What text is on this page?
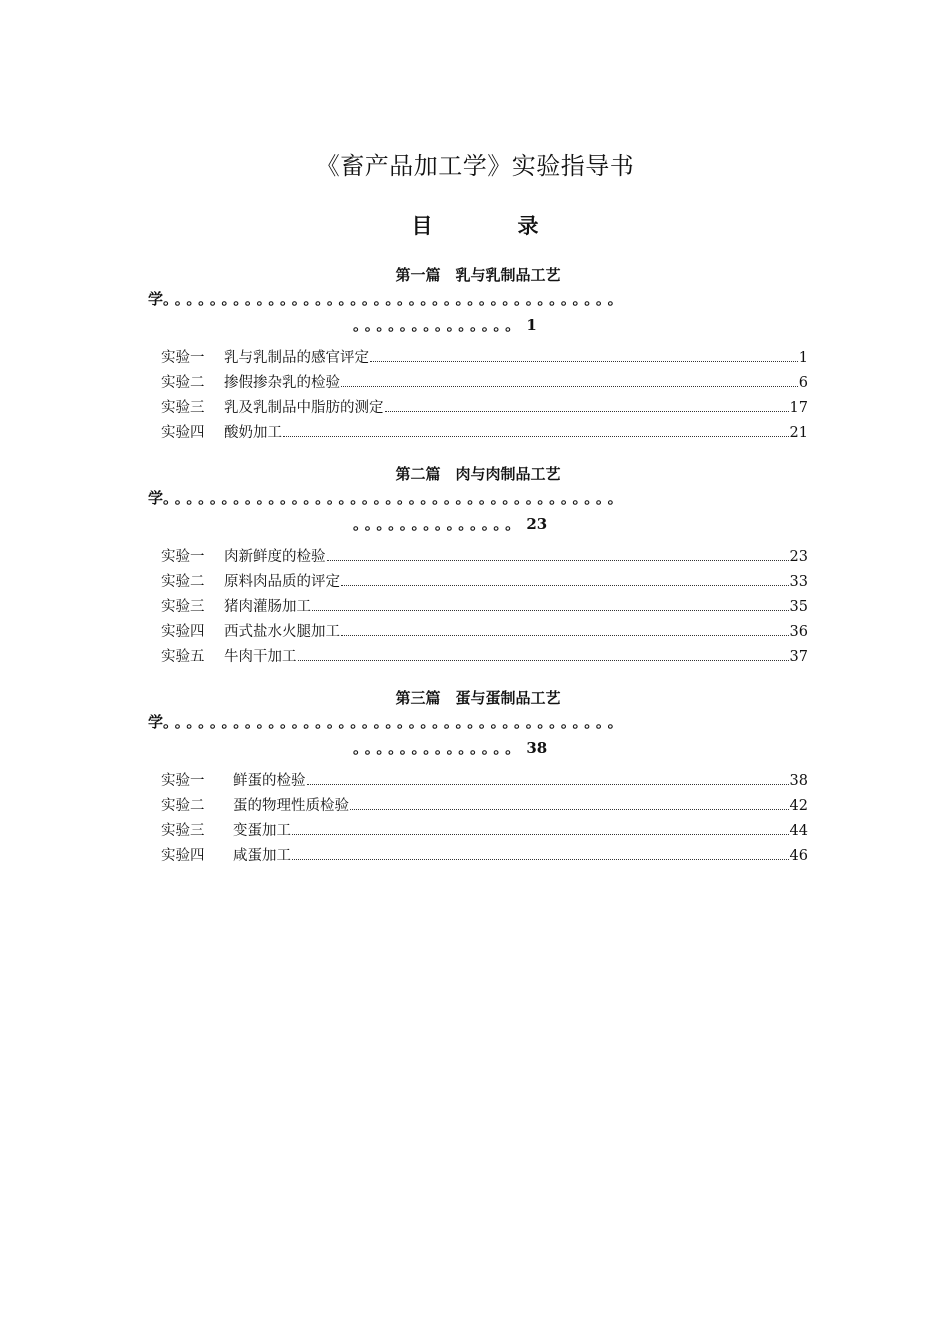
《畜产品加工学》实验指导书
目　录
第一篇　乳与乳制品工艺
学。。。。。。。。。。。。。。。。。。。。。。。。。。。。。。。。。。。。。。。
。。。。。。。。。。。。。。 1
实验一	乳与乳制品的感官评定	1
实验二	掺假掺杂乳的检验	6
实验三	乳及乳制品中脂肪的测定	17
实验四	酸奶加工	21
第二篇　肉与肉制品工艺
学。。。。。。。。。。。。。。。。。。。。。。。。。。。。。。。。。。。。。。。
。。。。。。。。。。。。。。 23
实验一	肉新鲜度的检验	23
实验二	原料肉品质的评定	33
实验三	猪肉灌肠加工	35
实验四	西式盐水火腿加工	36
实验五	牛肉干加工	37
第三篇　蛋与蛋制品工艺
学。。。。。。。。。。。。。。。。。。。。。。。。。。。。。。。。。。。。。。。
。。。。。。。。。。。。。。 38
实验一	鲜蛋的检验	38
实验二	蛋的物理性质检验	42
实验三	变蛋加工	44
实验四	咸蛋加工	46
